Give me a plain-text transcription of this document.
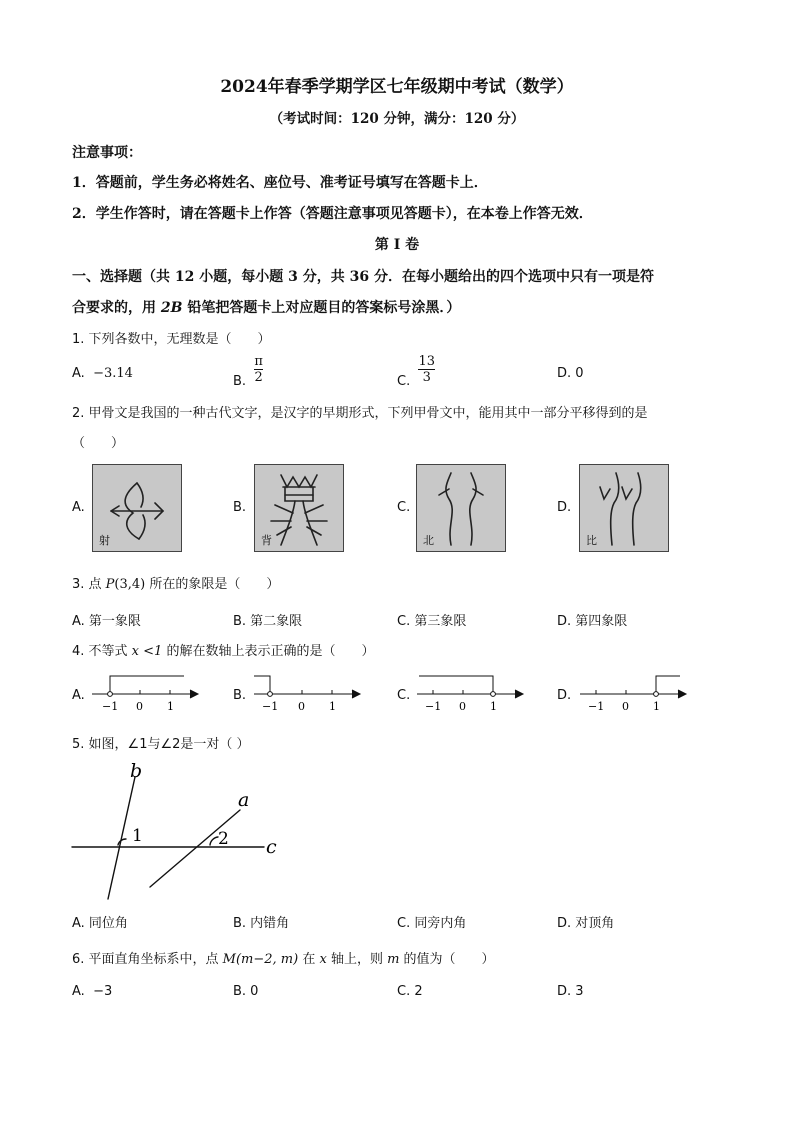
2024年春季学期学区七年级期中考试（数学）
（考试时间：120 分钟，满分：120 分）
注意事项：
1．答题前，学生务必将姓名、座位号、准考证号填写在答题卡上．
2．学生作答时，请在答题卡上作答（答题注意事项见答题卡），在本卷上作答无效．
第 I 卷
一、选择题（共 12 小题，每小题 3 分，共 36 分．在每小题给出的四个选项中只有一项是符
合要求的，用 2B 铅笔把答题卡上对应题目的答案标号涂黑．）
1. 下列各数中，无理数是（　　）
A. −3.14
B. $\frac{\pi}{2}$	C. $\frac{13}{3}$	D. 0
2. 甲骨文是我国的一种古代文字，是汉字的早期形式，下列甲骨文中，能用其中一部分平移得到的是
（　　）
A.
射
B.
背
C.
北
D.
比
3. 点 P(3,4) 所在的象限是（　　）
A. 第一象限	B. 第二象限	C. 第三象限	D. 第四象限
4. 不等式 x <1 的解在数轴上表示正确的是（　　）
A.
−1 0 1
B.
−1 0 1
C.
−1 0 1
D.
−1 0 1
5. 如图，∠1与∠2是一对（ ）
b
a
c
1	2
A. 同位角	B. 内错角	C. 同旁内角	D. 对顶角
6. 平面直角坐标系中，点 M(m−2, m) 在 x 轴上，则 m 的值为（　　）
A. −3	B. 0	C. 2	D. 3
